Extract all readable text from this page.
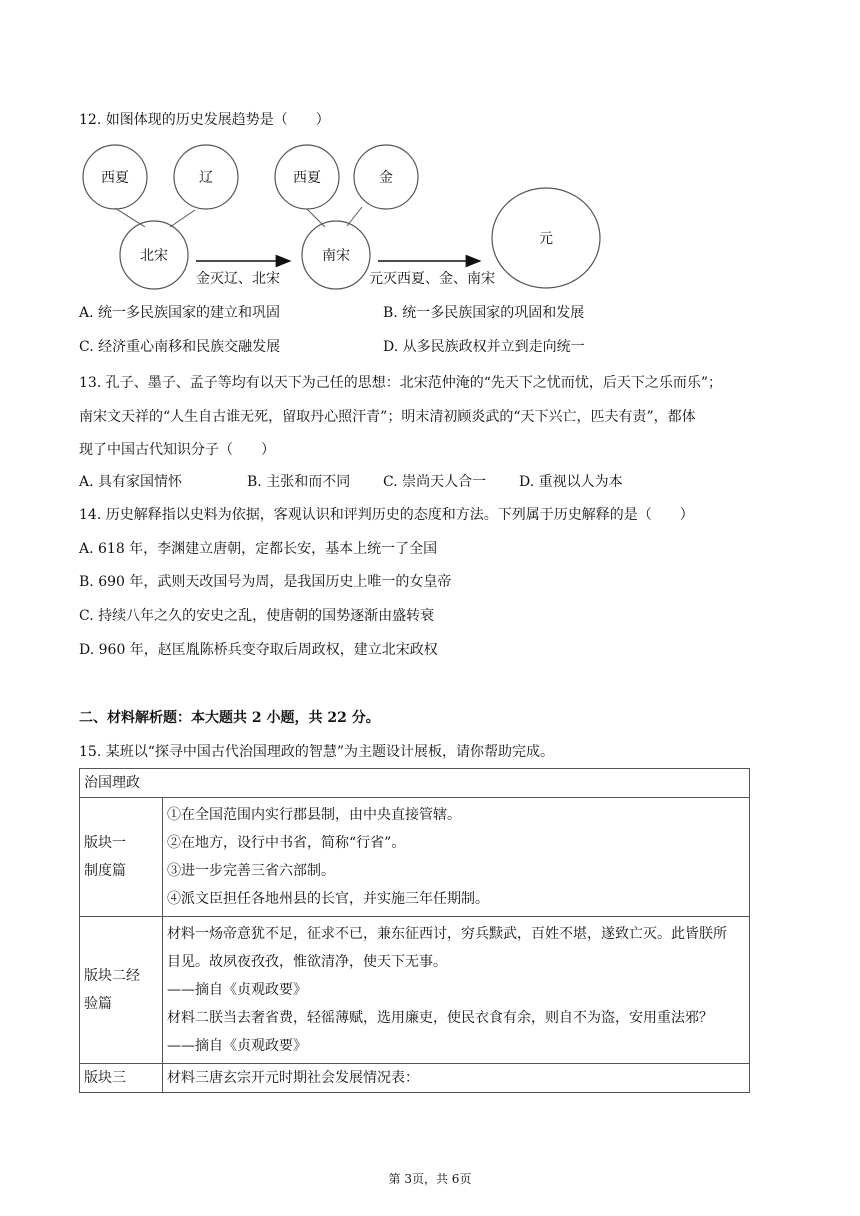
12. 如图体现的历史发展趋势是（　　）
西夏	辽
北宋
金灭辽、北宋
西夏	金
南宋
元灭西夏、金、南宋
元
A. 统一多民族国家的建立和巩固	B. 统一多民族国家的巩固和发展
C. 经济重心南移和民族交融发展	D. 从多民族政权并立到走向统一
13. 孔子、墨子、孟子等均有以天下为己任的思想：北宋范仲淹的“先天下之忧而忧，后天下之乐而乐”；
南宋文天祥的“人生自古谁无死，留取丹心照汗青”；明末清初顾炎武的“天下兴亡，匹夫有责”，都体
现了中国古代知识分子（　　）
A. 具有家国情怀	B. 主张和而不同 C. 崇尚天人合一 D. 重视以人为本
14. 历史解释指以史料为依据，客观认识和评判历史的态度和方法。下列属于历史解释的是（　　）
A. 618 年，李渊建立唐朝，定都长安，基本上统一了全国
B. 690 年，武则天改国号为周，是我国历史上唯一的女皇帝
C. 持续八年之久的安史之乱，使唐朝的国势逐渐由盛转衰
D. 960 年，赵匡胤陈桥兵变夺取后周政权，建立北宋政权
二、材料解析题：本大题共 2 小题，共 22 分。
15. 某班以“探寻中国古代治国理政的智慧”为主题设计展板，请你帮助完成。
治国理政	

版块一
制度篇	①在全国范围内实行郡县制，由中央直接管辖。
②在地方，设行中书省，简称“行省”。
③进一步完善三省六部制。
④派文臣担任各地州县的长官，并实施三年任期制。

版块二经
验篇	材料一炀帝意犹不足，征求不已，兼东征西讨，穷兵黩武，百姓不堪，遂致亡灭。此皆朕所
目见。故夙夜孜孜，惟欲清净，使天下无事。
——摘自《贞观政要》
材料二朕当去奢省费，轻徭薄赋，选用廉吏，使民衣食有余，则自不为盗，安用重法邪？
——摘自《贞观政要》

版块三	材料三唐玄宗开元时期社会发展情况表：
第 3页，共 6页
